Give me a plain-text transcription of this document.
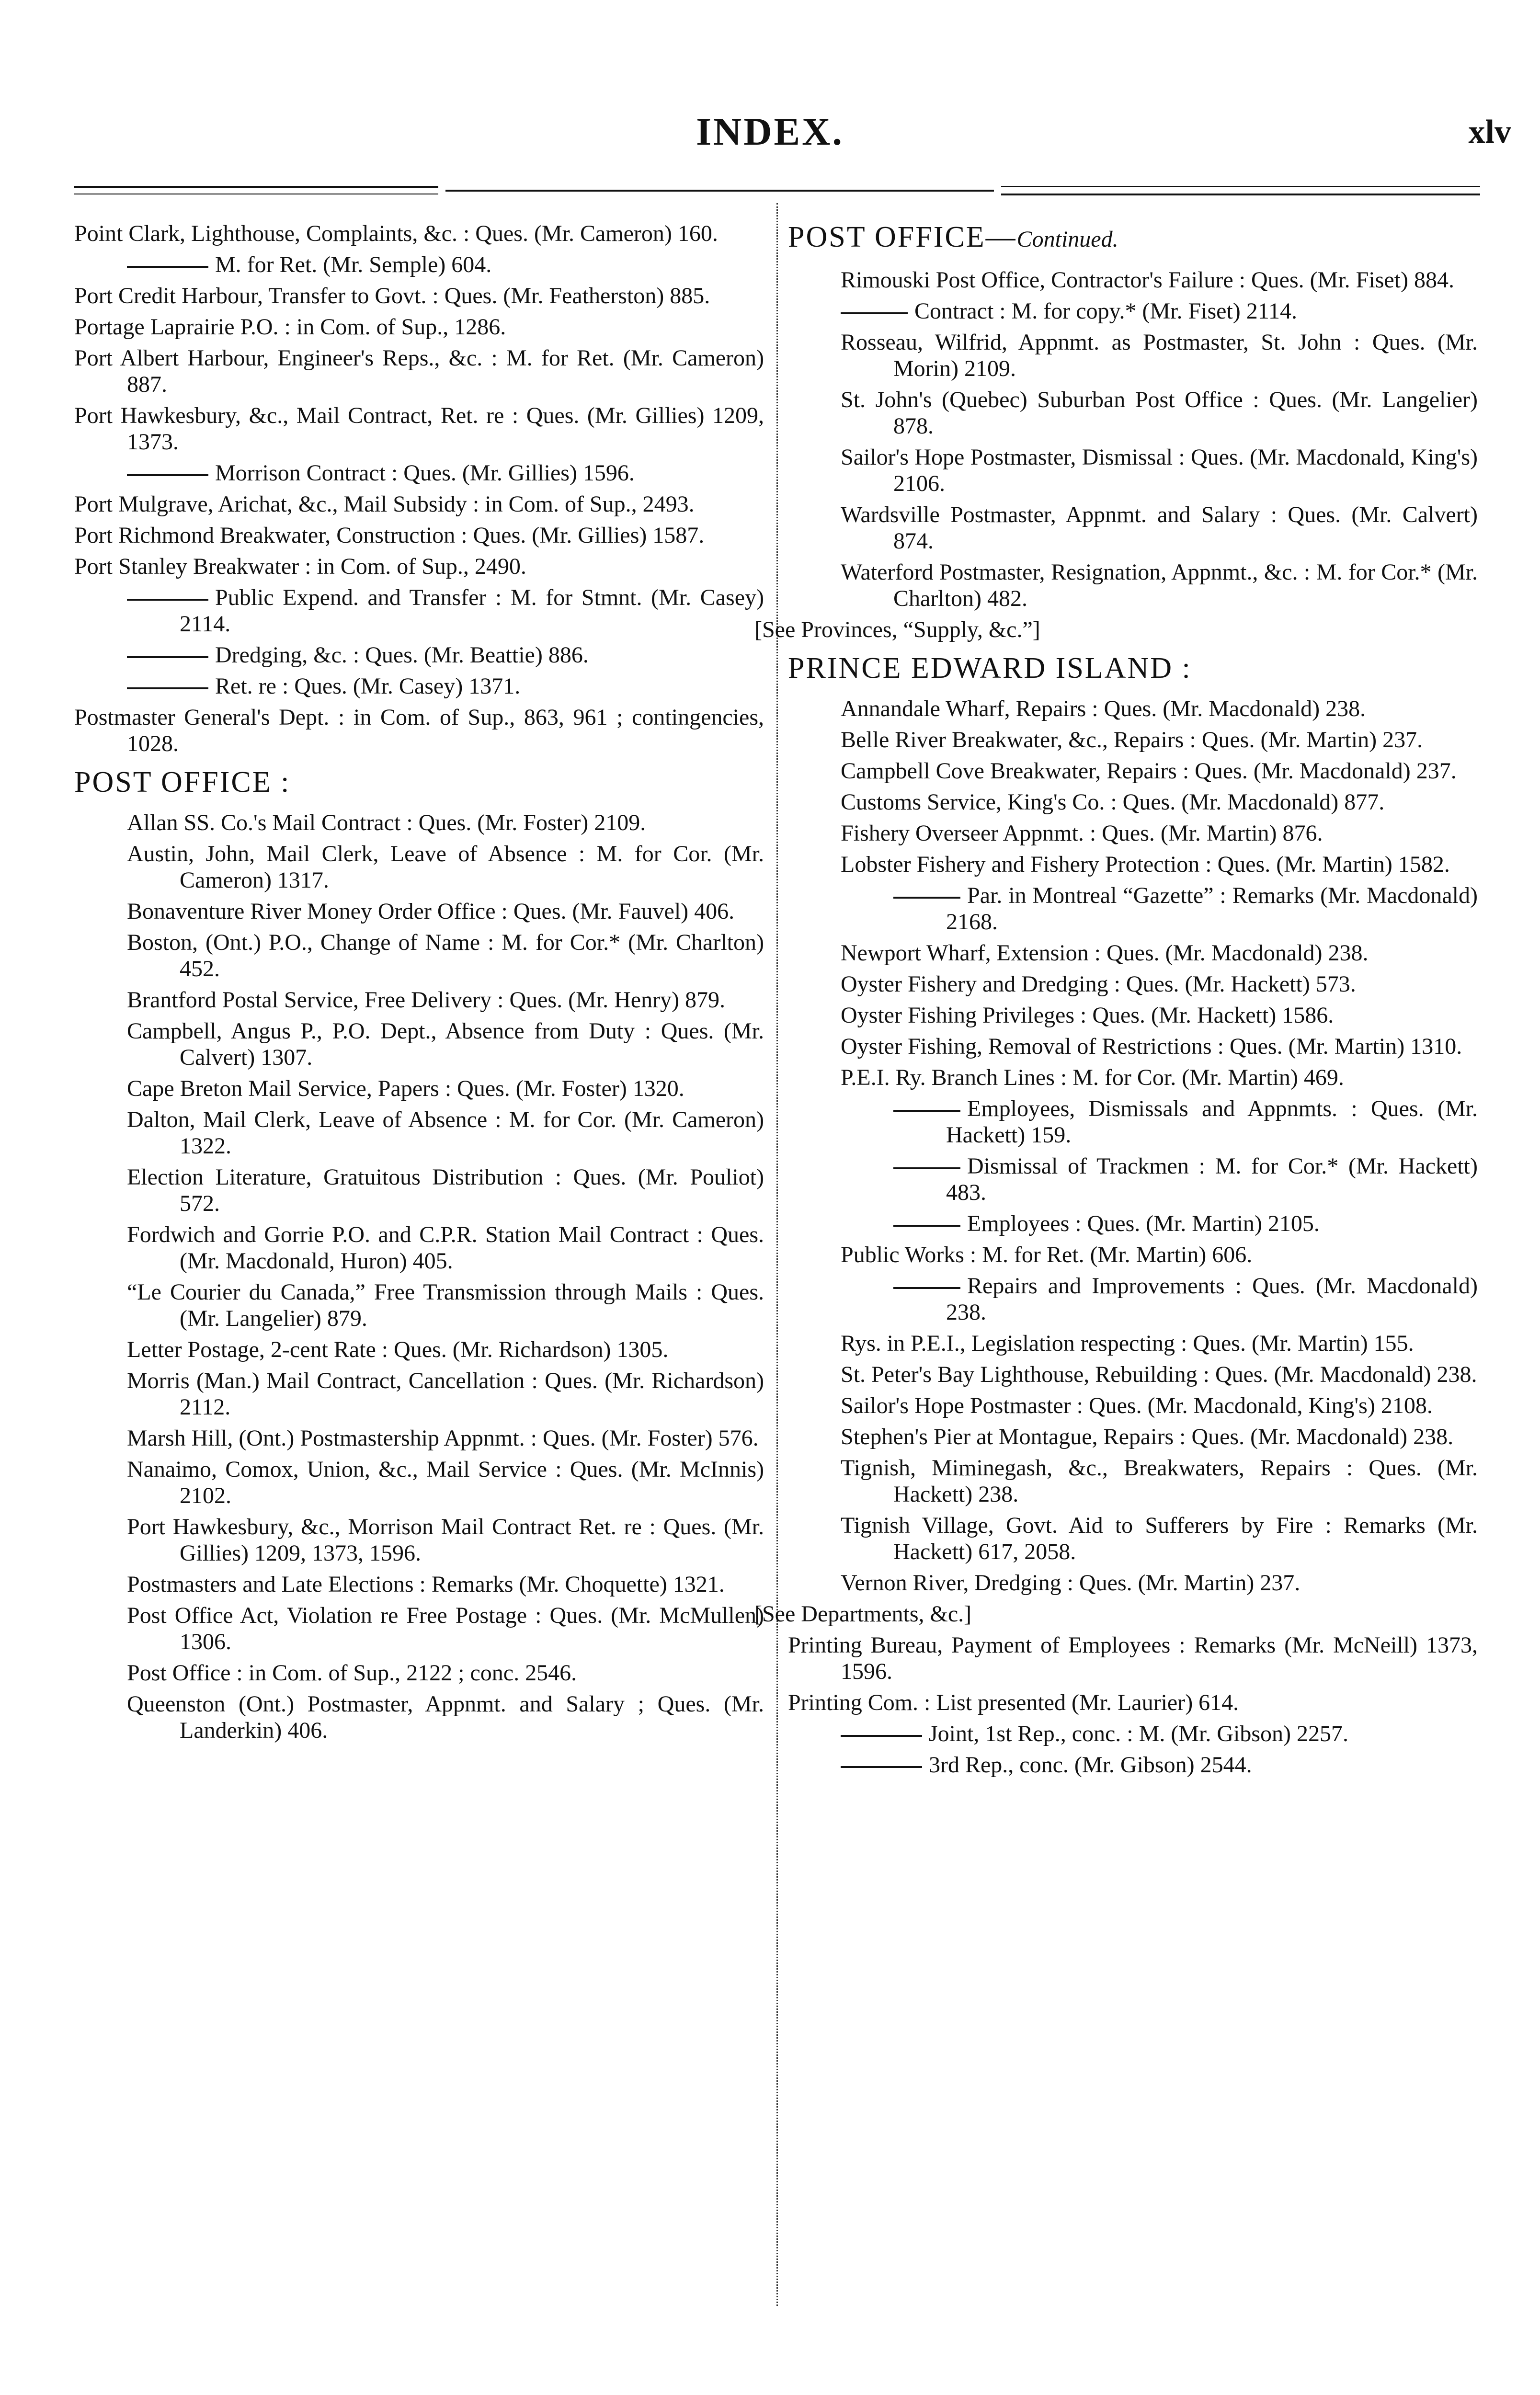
INDEX.	xlv

Point Clark, Lighthouse, Complaints, &c. : Ques. (Mr. Cameron) 160.

M. for Ret. (Mr. Semple) 604.

Port Credit Harbour, Transfer to Govt. : Ques. (Mr. Featherston) 885.

Portage Laprairie P.O. : in Com. of Sup., 1286.

Port Albert Harbour, Engineer's Reps., &c. : M. for Ret. (Mr. Cameron) 887.

Port Hawkesbury, &c., Mail Contract, Ret. re : Ques. (Mr. Gillies) 1209, 1373.

Morrison Contract : Ques. (Mr. Gillies) 1596.

Port Mulgrave, Arichat, &c., Mail Subsidy : in Com. of Sup., 2493.

Port Richmond Breakwater, Construction : Ques. (Mr. Gillies) 1587.

Port Stanley Breakwater : in Com. of Sup., 2490.

Public Expend. and Transfer : M. for Stmnt. (Mr. Casey) 2114.

Dredging, &c. : Ques. (Mr. Beattie) 886.

Ret. re : Ques. (Mr. Casey) 1371.

Postmaster General's Dept. : in Com. of Sup., 863, 961 ; contingencies, 1028.

POST OFFICE :

Allan SS. Co.'s Mail Contract : Ques. (Mr. Foster) 2109.

Austin, John, Mail Clerk, Leave of Absence : M. for Cor. (Mr. Cameron) 1317.

Bonaventure River Money Order Office : Ques. (Mr. Fauvel) 406.

Boston, (Ont.) P.O., Change of Name : M. for Cor.* (Mr. Charlton) 452.

Brantford Postal Service, Free Delivery : Ques. (Mr. Henry) 879.

Campbell, Angus P., P.O. Dept., Absence from Duty : Ques. (Mr. Calvert) 1307.

Cape Breton Mail Service, Papers : Ques. (Mr. Foster) 1320.

Dalton, Mail Clerk, Leave of Absence : M. for Cor. (Mr. Cameron) 1322.

Election Literature, Gratuitous Distribution : Ques. (Mr. Pouliot) 572.

Fordwich and Gorrie P.O. and C.P.R. Station Mail Contract : Ques. (Mr. Macdonald, Huron) 405.

“Le Courier du Canada,” Free Transmission through Mails : Ques. (Mr. Langelier) 879.

Letter Postage, 2-cent Rate : Ques. (Mr. Richardson) 1305.

Morris (Man.) Mail Contract, Cancellation : Ques. (Mr. Richardson) 2112.

Marsh Hill, (Ont.) Postmastership Appnmt. : Ques. (Mr. Foster) 576.

Nanaimo, Comox, Union, &c., Mail Service : Ques. (Mr. McInnis) 2102.

Port Hawkesbury, &c., Morrison Mail Contract Ret. re : Ques. (Mr. Gillies) 1209, 1373, 1596.

Postmasters and Late Elections : Remarks (Mr. Choquette) 1321.

Post Office Act, Violation re Free Postage : Ques. (Mr. McMullen) 1306.

Post Office : in Com. of Sup., 2122 ; conc. 2546.

Queenston (Ont.) Postmaster, Appnmt. and Salary ; Ques. (Mr. Landerkin) 406.

POST OFFICE—Continued.

Rimouski Post Office, Contractor's Failure : Ques. (Mr. Fiset) 884.

Contract : M. for copy.* (Mr. Fiset) 2114.

Rosseau, Wilfrid, Appnmt. as Postmaster, St. John : Ques. (Mr. Morin) 2109.

St. John's (Quebec) Suburban Post Office : Ques. (Mr. Langelier) 878.

Sailor's Hope Postmaster, Dismissal : Ques. (Mr. Macdonald, King's) 2106.

Wardsville Postmaster, Appnmt. and Salary : Ques. (Mr. Calvert) 874.

Waterford Postmaster, Resignation, Appnmt., &c. : M. for Cor.* (Mr. Charlton) 482.

[See Provinces, “Supply, &c.”]

PRINCE EDWARD ISLAND :

Annandale Wharf, Repairs : Ques. (Mr. Macdonald) 238.

Belle River Breakwater, &c., Repairs : Ques. (Mr. Martin) 237.

Campbell Cove Breakwater, Repairs : Ques. (Mr. Macdonald) 237.

Customs Service, King's Co. : Ques. (Mr. Macdonald) 877.

Fishery Overseer Appnmt. : Ques. (Mr. Martin) 876.

Lobster Fishery and Fishery Protection : Ques. (Mr. Martin) 1582.

Par. in Montreal “Gazette” : Remarks (Mr. Macdonald) 2168.

Newport Wharf, Extension : Ques. (Mr. Macdonald) 238.

Oyster Fishery and Dredging : Ques. (Mr. Hackett) 573.

Oyster Fishing Privileges : Ques. (Mr. Hackett) 1586.

Oyster Fishing, Removal of Restrictions : Ques. (Mr. Martin) 1310.

P.E.I. Ry. Branch Lines : M. for Cor. (Mr. Martin) 469.

Employees, Dismissals and Appnmts. : Ques. (Mr. Hackett) 159.

Dismissal of Trackmen : M. for Cor.* (Mr. Hackett) 483.

Employees : Ques. (Mr. Martin) 2105.

Public Works : M. for Ret. (Mr. Martin) 606.

Repairs and Improvements : Ques. (Mr. Macdonald) 238.

Rys. in P.E.I., Legislation respecting : Ques. (Mr. Martin) 155.

St. Peter's Bay Lighthouse, Rebuilding : Ques. (Mr. Macdonald) 238.

Sailor's Hope Postmaster : Ques. (Mr. Macdonald, King's) 2108.

Stephen's Pier at Montague, Repairs : Ques. (Mr. Macdonald) 238.

Tignish, Miminegash, &c., Breakwaters, Repairs : Ques. (Mr. Hackett) 238.

Tignish Village, Govt. Aid to Sufferers by Fire : Remarks (Mr. Hackett) 617, 2058.

Vernon River, Dredging : Ques. (Mr. Martin) 237.

[See Departments, &c.]

Printing Bureau, Payment of Employees : Remarks (Mr. McNeill) 1373, 1596.

Printing Com. : List presented (Mr. Laurier) 614.

Joint, 1st Rep., conc. : M. (Mr. Gibson) 2257.

3rd Rep., conc. (Mr. Gibson) 2544.
